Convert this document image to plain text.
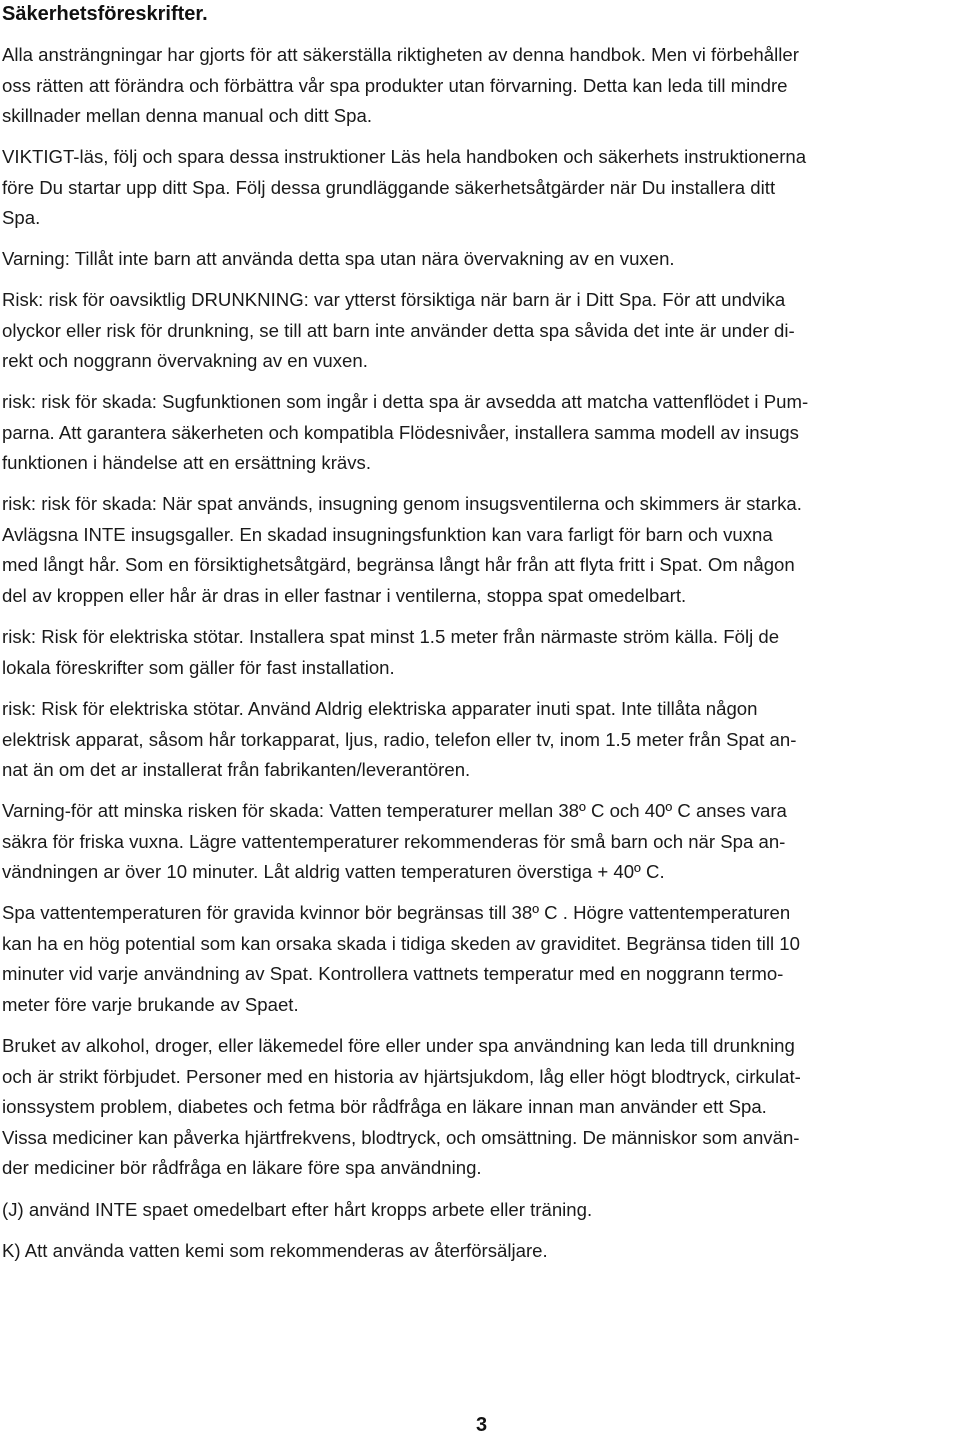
Säkerhetsföreskrifter.

Alla ansträngningar har gjorts för att säkerställa riktigheten av denna handbok. Men vi förbehåller
oss rätten att förändra och förbättra vår spa produkter utan förvarning. Detta kan leda till mindre
skillnader mellan denna manual och ditt Spa.

VIKTIGT-läs, följ och spara dessa instruktioner Läs hela handboken och säkerhets instruktionerna
före Du startar upp ditt Spa. Följ dessa grundläggande säkerhetsåtgärder när Du installera ditt
Spa.

Varning: Tillåt inte barn att använda detta spa utan nära övervakning av en vuxen.

Risk: risk för oavsiktlig DRUNKNING: var ytterst försiktiga när barn är i Ditt Spa. För att undvika
olyckor eller risk för drunkning, se till att barn inte använder detta spa såvida det inte är under di-
rekt och noggrann övervakning av en vuxen.

risk: risk för skada: Sugfunktionen som ingår i detta spa är avsedda att matcha vattenflödet i Pum-
parna. Att garantera säkerheten och kompatibla Flödesnivåer, installera samma modell av insugs
funktionen i händelse att en ersättning krävs.

risk: risk för skada: När spat används, insugning genom insugsventilerna och skimmers är starka.
Avlägsna INTE insugsgaller. En skadad insugningsfunktion kan vara farligt för barn och vuxna
med långt hår. Som en försiktighetsåtgärd, begränsa långt hår från att flyta fritt i Spat. Om någon
del av kroppen eller hår är dras in eller fastnar i ventilerna, stoppa spat omedelbart.

risk: Risk för elektriska stötar. Installera spat minst 1.5 meter från närmaste ström källa. Följ de
lokala föreskrifter som gäller för fast installation.

risk: Risk för elektriska stötar. Använd Aldrig elektriska apparater inuti spat. Inte tillåta någon
elektrisk apparat, såsom hår torkapparat, ljus, radio, telefon eller tv, inom 1.5 meter från Spat an-
nat än om det ar installerat från fabrikanten/leverantören.

Varning-för att minska risken för skada: Vatten temperaturer mellan 38º C och 40º C anses vara
säkra för friska vuxna. Lägre vattentemperaturer rekommenderas för små barn och när Spa an-
vändningen ar över 10 minuter. Låt aldrig vatten temperaturen överstiga + 40º C.

Spa vattentemperaturen för gravida kvinnor bör begränsas till 38º C . Högre vattentemperaturen
kan ha en hög potential som kan orsaka skada i tidiga skeden av graviditet. Begränsa tiden till 10
minuter vid varje användning av Spat. Kontrollera vattnets temperatur med en noggrann termo-
meter före varje brukande av Spaet.

Bruket av alkohol, droger, eller läkemedel före eller under spa användning kan leda till drunkning
och är strikt förbjudet. Personer med en historia av hjärtsjukdom, låg eller högt blodtryck, cirkulat-
ionssystem problem, diabetes och fetma bör rådfråga en läkare innan man använder ett Spa.
Vissa mediciner kan påverka hjärtfrekvens, blodtryck, och omsättning. De människor som använ-
der mediciner bör rådfråga en läkare före spa användning.

(J) använd INTE spaet omedelbart efter hårt kropps arbete eller träning.

K) Att använda vatten kemi som rekommenderas av återförsäljare.

3
